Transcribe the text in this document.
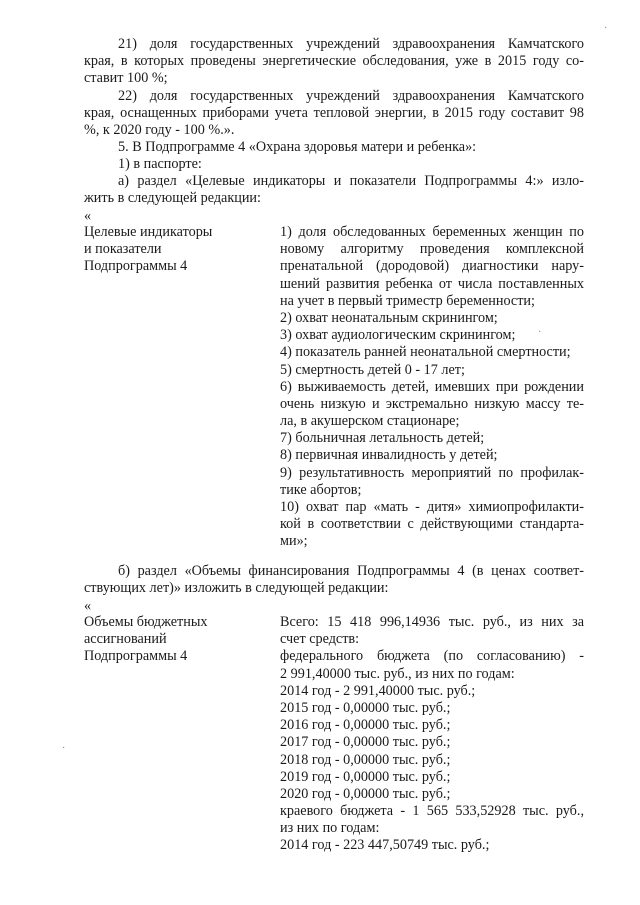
21) доля государственных учреждений здравоохранения Камчатского
края, в которых проведены энергетические обследования, уже в 2015 году со-
ставит 100 %;
22) доля государственных учреждений здравоохранения Камчатского
края, оснащенных приборами учета тепловой энергии, в 2015 году составит 98
%, к 2020 году - 100 %.».
5. В Подпрограмме 4 «Охрана здоровья матери и ребенка»:
1) в паспорте:
а) раздел «Целевые индикаторы и показатели Подпрограммы 4:» изло-
жить в следующей редакции:
«
Целевые индикаторы
и показатели
Подпрограммы 4
1) доля обследованных беременных женщин по
новому алгоритму проведения комплексной
пренатальной (дородовой) диагностики нару-
шений развития ребенка от числа поставленных
на учет в первый триместр беременности;
2) охват неонатальным скринингом;
3) охват аудиологическим скринингом;
4) показатель ранней неонатальной смертности;
5) смертность детей 0 - 17 лет;
6) выживаемость детей, имевших при рождении
очень низкую и экстремально низкую массу те-
ла, в акушерском стационаре;
7) больничная летальность детей;
8) первичная инвалидность у детей;
9) результативность мероприятий по профилак-
тике абортов;
10) охват пар «мать - дитя» химиопрофилакти-
кой в соответствии с действующими стандарта-
ми»;
б) раздел «Объемы финансирования Подпрограммы 4 (в ценах соответ-
ствующих лет)» изложить в следующей редакции:
«
Объемы бюджетных
ассигнований
Подпрограммы 4
Всего: 15 418 996,14936 тыс. руб., из них за
счет средств:
федерального бюджета (по согласованию) -
2 991,40000 тыс. руб., из них по годам:
2014 год - 2 991,40000 тыс. руб.;
2015 год - 0,00000 тыс. руб.;
2016 год - 0,00000 тыс. руб.;
2017 год - 0,00000 тыс. руб.;
2018 год - 0,00000 тыс. руб.;
2019 год - 0,00000 тыс. руб.;
2020 год - 0,00000 тыс. руб.;
краевого бюджета - 1 565 533,52928 тыс. руб.,
из них по годам:
2014 год - 223 447,50749 тыс. руб.;
·
·
·
